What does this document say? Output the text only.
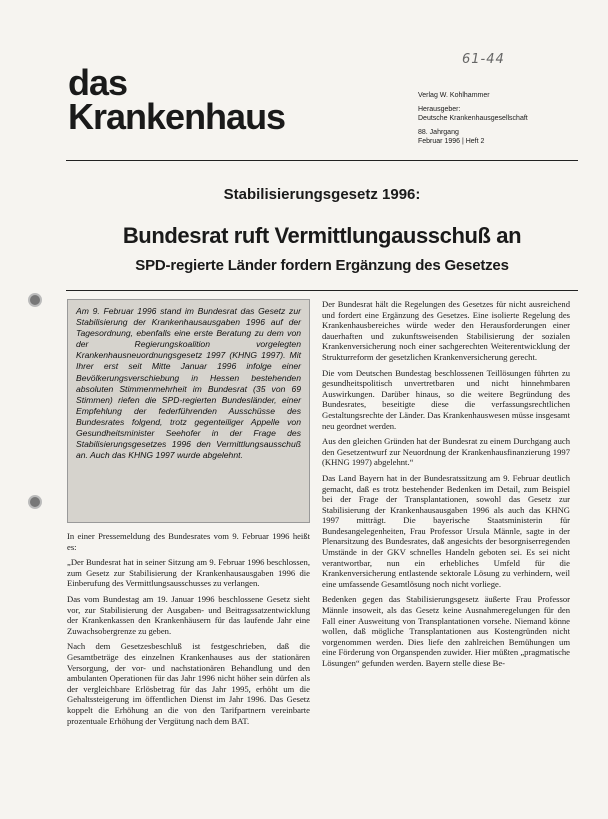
61-44
das
Krankenhaus
Verlag W. Kohlhammer
Herausgeber:
Deutsche Krankenhausgesellschaft
88. Jahrgang
Februar 1996 | Heft 2
Stabilisierungsgesetz 1996:
Bundesrat ruft Vermittlungausschuß an
SPD-regierte Länder fordern Ergänzung des Gesetzes
Am 9. Februar 1996 stand im Bundesrat das Gesetz zur Stabilisierung der Krankenhausausgaben 1996 auf der Tagesordnung, ebenfalls eine erste Beratung zu dem von der Regierungskoalition vorgelegten Krankenhausneuordnungsgesetz 1997 (KHNG 1997). Mit Ihrer erst seit Mitte Januar 1996 infolge einer Bevölkerungsverschiebung in Hessen bestehenden absoluten Stimmenmehrheit im Bundesrat (35 von 69 Stimmen) riefen die SPD-regierten Bundesländer, einer Empfehlung der federführenden Ausschüsse des Bundesrates folgend, trotz gegenteiliger Appelle von Gesundheitsminister Seehofer in der Frage des Stabilisierungsgesetzes 1996 den Vermittlungsausschuß an. Auch das KHNG 1997 wurde abgelehnt.

In einer Pressemeldung des Bundesrates vom 9. Februar 1996 heißt es:

„Der Bundesrat hat in seiner Sitzung am 9. Februar 1996 beschlossen, zum Gesetz zur Stabilisierung der Krankenhausausgaben 1996 die Einberufung des Vermittlungsausschusses zu verlangen.

Das vom Bundestag am 19. Januar 1996 beschlossene Gesetz sieht vor, zur Stabilisierung der Ausgaben- und Beitragssatzentwicklung der Krankenkassen den Krankenhäusern für das laufende Jahr eine Zuwachsobergrenze zu geben.

Nach dem Gesetzesbeschluß ist festgeschrieben, daß die Gesamtbeträge des einzelnen Krankenhauses aus der stationären Versorgung, der vor- und nachstationären Behandlung und den ambulanten Operationen für das Jahr 1996 nicht höher sein dürfen als der vergleichbare Erlösbetrag für das Jahr 1995, erhöht um die Gehaltssteigerung im öffentlichen Dienst im Jahr 1996. Das Gesetz koppelt die Erhöhung an die von den Tarifpartnern vereinbarte prozentuale Erhöhung der Vergütung nach dem BAT.

Der Bundesrat hält die Regelungen des Gesetzes für nicht ausreichend und fordert eine Ergänzung des Gesetzes. Eine isolierte Regelung des Krankenhausbereiches würde weder den Herausforderungen einer dauerhaften und zukunftsweisenden Stabilisierung der sozialen Krankenversicherung noch einer sachgerechten Weiterentwicklung der Strukturreform der gesetzlichen Krankenversicherung gerecht.

Die vom Deutschen Bundestag beschlossenen Teillösungen führten zu gesundheitspolitisch unvertretbaren und nicht hinnehmbaren Auswirkungen. Darüber hinaus, so die weitere Begründung des Bundesrates, beseitigte diese die verfassungsrechtlichen Gestaltungsrechte der Länder. Das Krankenhauswesen müsse insgesamt neu geordnet werden.

Aus den gleichen Gründen hat der Bundesrat zu einem Durchgang auch den Gesetzentwurf zur Neuordnung der Krankenhausfinanzierung 1997 (KHNG 1997) abgelehnt.“

Das Land Bayern hat in der Bundesratssitzung am 9. Februar deutlich gemacht, daß es trotz bestehender Bedenken im Detail, zum Beispiel bei der Frage der Transplantationen, sowohl das Gesetz zur Stabilisierung der Krankenhausausgaben 1996 als auch das KHNG 1997 mitträgt. Die bayerische Staatsministerin für Bundesangelegenheiten, Frau Professor Ursula Männle, sagte in der Plenarsitzung des Bundesrates, daß angesichts der besorgniserregenden Umstände in der GKV schnelles Handeln geboten sei. Es sei nicht verantwortbar, nun ein erhebliches Umfeld für die Krankenversicherung entlastende sektorale Lösung zu verhindern, weil eine umfassende Gesamtlösung noch nicht vorliege.

Bedenken gegen das Stabilisierungsgesetz äußerte Frau Professor Männle insoweit, als das Gesetz keine Ausnahmeregelungen für den Fall einer Ausweitung von Transplantationen vorsehe. Niemand könne wollen, daß mögliche Transplantationen aus Kostengründen nicht vorgenommen werden. Dies liefe den zahlreichen Bemühungen um eine Förderung von Organspenden zuwider. Hier müßten „pragmatische Lösungen“ gefunden werden. Bayern stelle diese Be-
